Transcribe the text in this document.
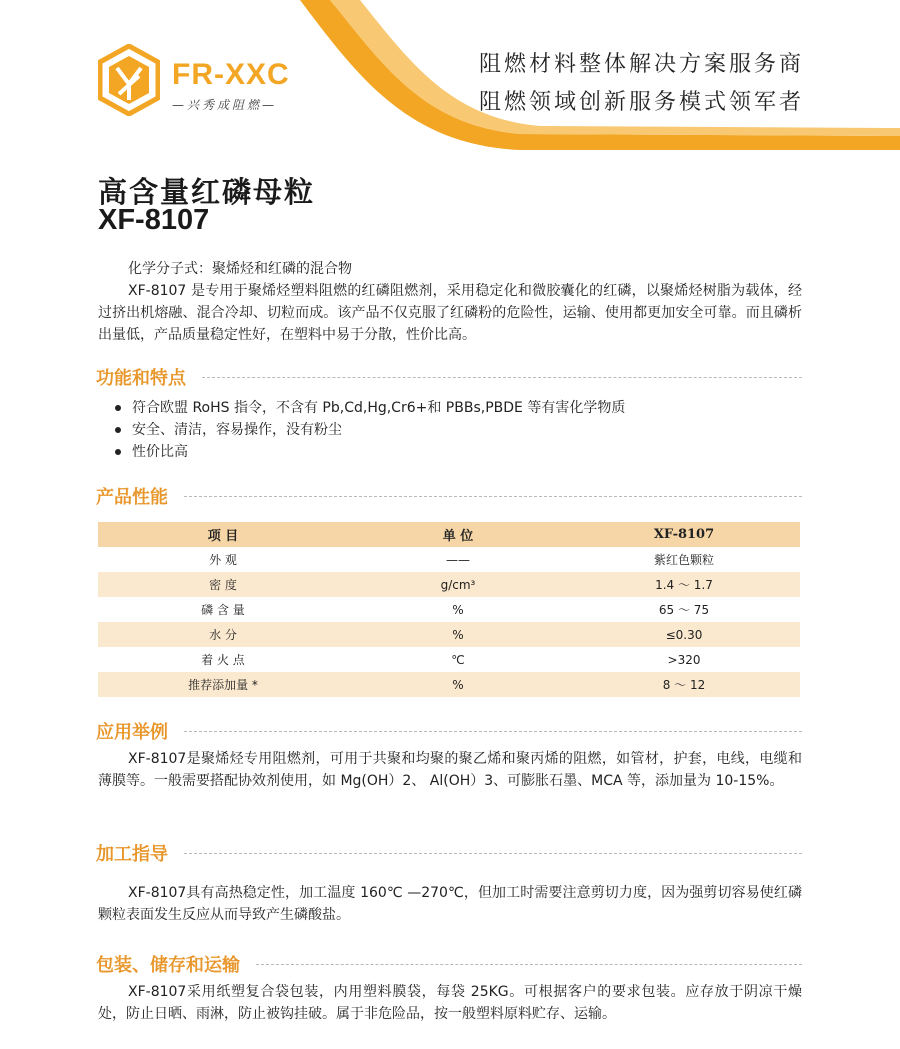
FR-XXC
—兴秀成阻燃—
阻燃材料整体解决方案服务商
阻燃领域创新服务模式领军者
高含量红磷母粒
XF-8107
化学分子式：聚烯烃和红磷的混合物
XF-8107 是专用于聚烯烃塑料阻燃的红磷阻燃剂，采用稳定化和微胶囊化的红磷，以聚烯烃树脂为载体，经过挤出机熔融、混合冷却、切粒而成。该产品不仅克服了红磷粉的危险性，运输、使用都更加安全可靠。而且磷析出量低，产品质量稳定性好，在塑料中易于分散，性价比高。
功能和特点
符合欧盟 RoHS 指令，不含有 Pb,Cd,Hg,Cr6+和 PBBs,PBDE 等有害化学物质
安全、清洁，容易操作，没有粉尘
性价比高
产品性能
项 目	单 位	XF-8107
外 观	——	紫红色颗粒
密 度	g/cm³	1.4 ～ 1.7
磷 含 量	%	65 ～ 75
水 分	%	≤0.30
着 火 点	℃	>320
推荐添加量 *	%	8 ～ 12
应用举例
XF-8107是聚烯烃专用阻燃剂，可用于共聚和均聚的聚乙烯和聚丙烯的阻燃，如管材，护套，电线，电缆和薄膜等。一般需要搭配协效剂使用，如 Mg(OH）2、 Al(OH）3、可膨胀石墨、MCA 等，添加量为 10-15%。
加工指导
XF-8107具有高热稳定性，加工温度 160℃ —270℃，但加工时需要注意剪切力度，因为强剪切容易使红磷颗粒表面发生反应从而导致产生磷酸盐。
包装、储存和运输
XF-8107采用纸塑复合袋包装，内用塑料膜袋，每袋 25KG。可根据客户的要求包装。应存放于阴凉干燥处，防止日晒、雨淋，防止被钩挂破。属于非危险品，按一般塑料原料贮存、运输。
